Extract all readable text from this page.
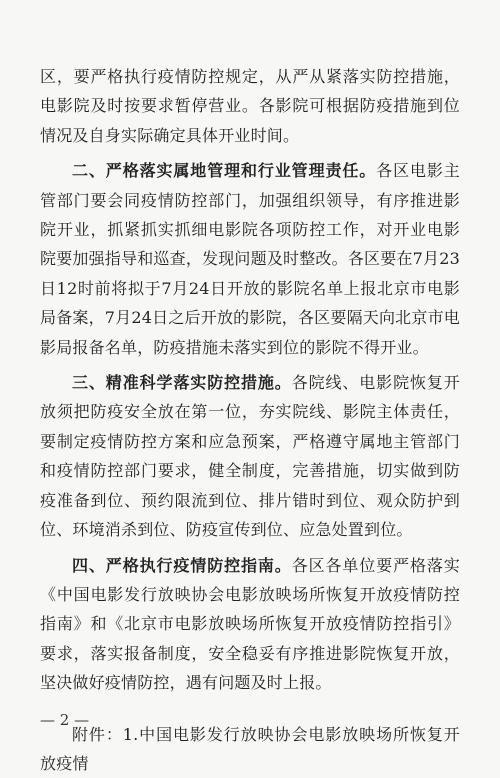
区，要严格执行疫情防控规定，从严从紧落实防控措施，电影院及时按要求暂停营业。各影院可根据防疫措施到位情况及自身实际确定具体开业时间。

二、严格落实属地管理和行业管理责任。各区电影主管部门要会同疫情防控部门，加强组织领导，有序推进影院开业，抓紧抓实抓细电影院各项防控工作，对开业电影院要加强指导和巡查，发现问题及时整改。各区要在7月23日12时前将拟于7月24日开放的影院名单上报北京市电影局备案，7月24日之后开放的影院，各区要隔天向北京市电影局报备名单，防疫措施未落实到位的影院不得开业。

三、精准科学落实防控措施。各院线、电影院恢复开放须把防疫安全放在第一位，夯实院线、影院主体责任，要制定疫情防控方案和应急预案，严格遵守属地主管部门和疫情防控部门要求，健全制度，完善措施，切实做到防疫准备到位、预约限流到位、排片错时到位、观众防护到位、环境消杀到位、防疫宣传到位、应急处置到位。

四、严格执行疫情防控指南。各区各单位要严格落实《中国电影发行放映协会电影放映场所恢复开放疫情防控指南》和《北京市电影放映场所恢复开放疫情防控指引》要求，落实报备制度，安全稳妥有序推进影院恢复开放，坚决做好疫情防控，遇有问题及时上报。

附件：1.中国电影发行放映协会电影放映场所恢复开放疫情

— 2 —
